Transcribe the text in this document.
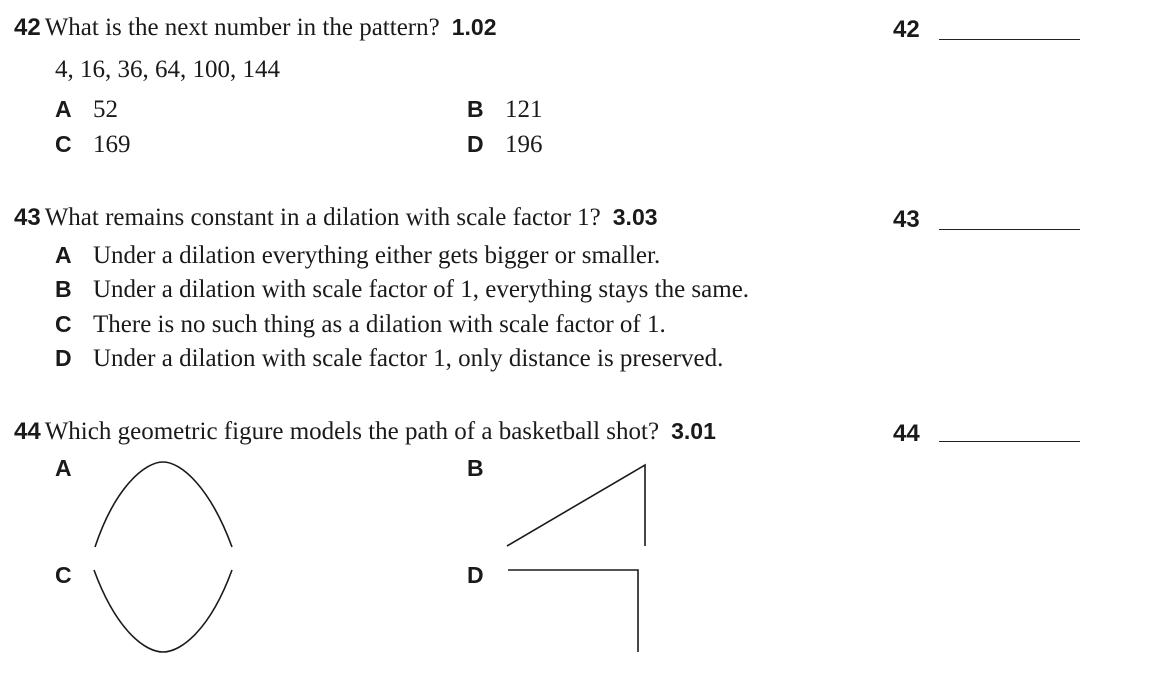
42 What is the next number in the pattern? 1.02
4, 16, 36, 64, 100, 144
A 52	B 121
C 169	D 196
42
43 What remains constant in a dilation with scale factor 1? 3.03
A Under a dilation everything either gets bigger or smaller.
B Under a dilation with scale factor of 1, everything stays the same.
C There is no such thing as a dilation with scale factor of 1.
D Under a dilation with scale factor 1, only distance is preserved.
43
44 Which geometric figure models the path of a basketball shot? 3.01	44
A	B
C	D
